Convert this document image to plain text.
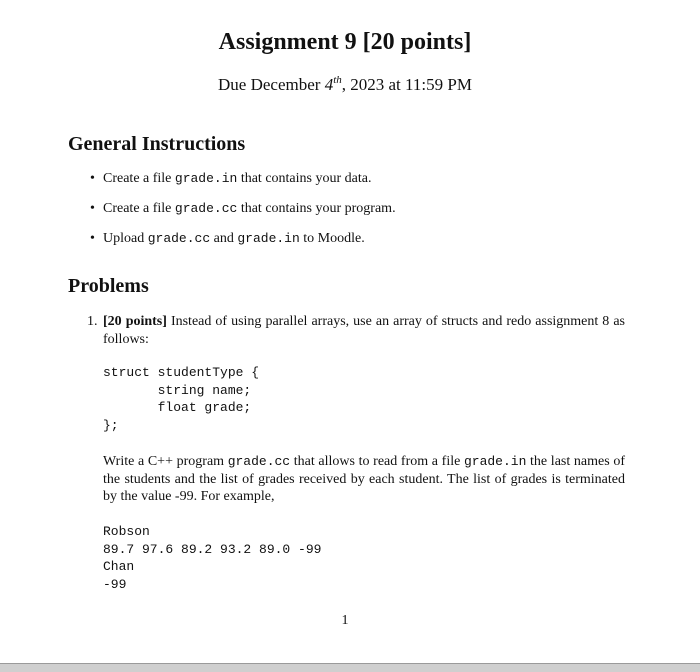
Assignment 9 [20 points]
Due December 4th, 2023 at 11:59 PM
General Instructions
• Create a file grade.in that contains your data.
• Create a file grade.cc that contains your program.
• Upload grade.cc and grade.in to Moodle.
Problems
1. [20 points] Instead of using parallel arrays, use an array of structs and redo assignment 8 as follows:
struct studentType {
string name;
float grade;
};
Write a C++ program grade.cc that allows to read from a file grade.in the last names of the students and the list of grades received by each student. The list of grades is terminated by the value -99. For example,
Robson
89.7 97.6 89.2 93.2 89.0 -99
Chan
-99
1
